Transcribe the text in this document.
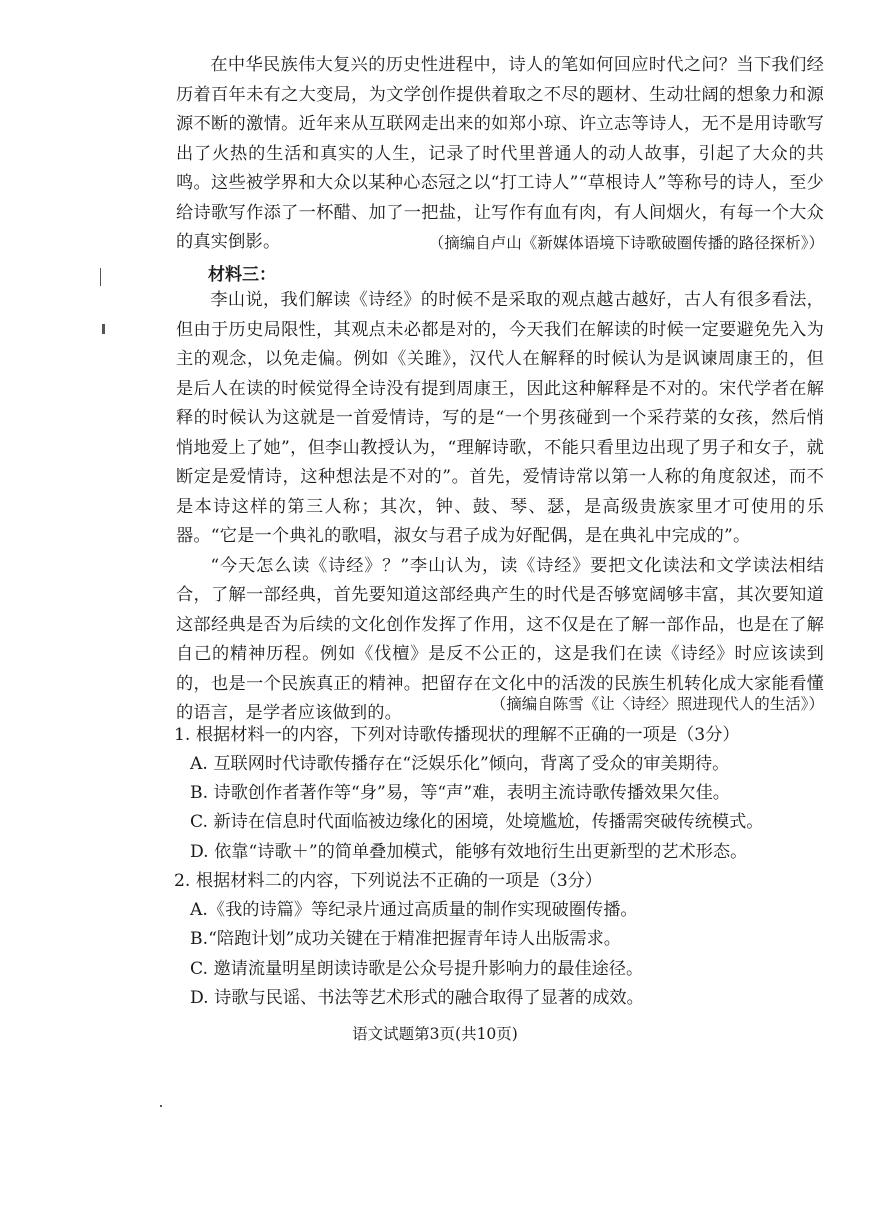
在中华民族伟大复兴的历史性进程中，诗人的笔如何回应时代之问？当下我们经历着百年未有之大变局，为文学创作提供着取之不尽的题材、生动壮阔的想象力和源源不断的激情。近年来从互联网走出来的如郑小琼、许立志等诗人，无不是用诗歌写出了火热的生活和真实的人生，记录了时代里普通人的动人故事，引起了大众的共鸣。这些被学界和大众以某种心态冠之以“打工诗人”“草根诗人”等称号的诗人，至少给诗歌写作添了一杯醋、加了一把盐，让写作有血有肉，有人间烟火，有每一个大众的真实倒影。	（摘编自卢山《新媒体语境下诗歌破圈传播的路径探析》）
材料三：

李山说，我们解读《诗经》的时候不是采取的观点越古越好，古人有很多看法，但由于历史局限性，其观点未必都是对的，今天我们在解读的时候一定要避免先入为主的观念，以免走偏。例如《关雎》，汉代人在解释的时候认为是讽谏周康王的，但是后人在读的时候觉得全诗没有提到周康王，因此这种解释是不对的。宋代学者在解释的时候认为这就是一首爱情诗，写的是“一个男孩碰到一个采荇菜的女孩，然后悄悄地爱上了她”，但李山教授认为，“理解诗歌，不能只看里边出现了男子和女子，就断定是爱情诗，这种想法是不对的”。首先，爱情诗常以第一人称的角度叙述，而不是本诗这样的第三人称；其次，钟、鼓、琴、瑟，是高级贵族家里才可使用的乐器。“它是一个典礼的歌唱，淑女与君子成为好配偶，是在典礼中完成的”。

“今天怎么读《诗经》？”李山认为，读《诗经》要把文化读法和文学读法相结合，了解一部经典，首先要知道这部经典产生的时代是否够宽阔够丰富，其次要知道这部经典是否为后续的文化创作发挥了作用，这不仅是在了解一部作品，也是在了解自己的精神历程。例如《伐檀》是反不公正的，这是我们在读《诗经》时应该读到的，也是一个民族真正的精神。把留存在文化中的活泼的民族生机转化成大家能看懂的语言，是学者应该做到的。	（摘编自陈雪《让〈诗经〉照进现代人的生活》）
1. 根据材料一的内容，下列对诗歌传播现状的理解不正确的一项是（3分）
A. 互联网时代诗歌传播存在“泛娱乐化”倾向，背离了受众的审美期待。
B. 诗歌创作者著作等“身”易，等“声”难，表明主流诗歌传播效果欠佳。
C. 新诗在信息时代面临被边缘化的困境，处境尴尬，传播需突破传统模式。
D. 依靠“诗歌＋”的简单叠加模式，能够有效地衍生出更新型的艺术形态。
2. 根据材料二的内容，下列说法不正确的一项是（3分）
A.《我的诗篇》等纪录片通过高质量的制作实现破圈传播。
B.“陪跑计划”成功关键在于精准把握青年诗人出版需求。
C. 邀请流量明星朗读诗歌是公众号提升影响力的最佳途径。
D. 诗歌与民谣、书法等艺术形式的融合取得了显著的成效。
语文试题第3页(共10页)
